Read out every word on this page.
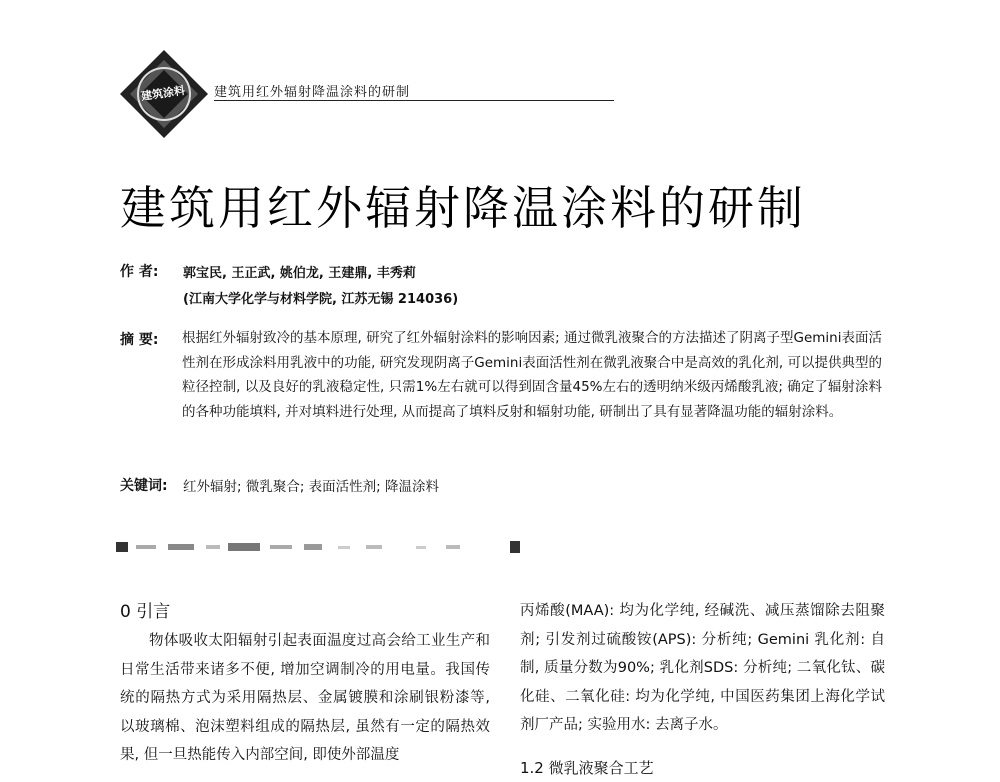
建筑涂料	建筑用红外辐射降温涂料的研制
建筑用红外辐射降温涂料的研制
作 者: 郭宝民, 王正武, 姚伯龙, 王建鼎, 丰秀莉
(江南大学化学与材料学院, 江苏无锡 214036)
摘 要: 根据红外辐射致冷的基本原理, 研究了红外辐射涂料的影响因素; 通过微乳液聚合的方法描述了阴离子型Gemini表面活性剂在形成涂料用乳液中的功能, 研究发现阴离子Gemini表面活性剂在微乳液聚合中是高效的乳化剂, 可以提供典型的粒径控制, 以及良好的乳液稳定性, 只需1%左右就可以得到固含量45%左右的透明纳米级丙烯酸乳液; 确定了辐射涂料的各种功能填料, 并对填料进行处理, 从而提高了填料反射和辐射功能, 研制出了具有显著降温功能的辐射涂料。
关键词: 红外辐射; 微乳聚合; 表面活性剂; 降温涂料
0 引言

物体吸收太阳辐射引起表面温度过高会给工业生产和日常生活带来诸多不便, 增加空调制冷的用电量。我国传统的隔热方式为采用隔热层、金属镀膜和涂刷银粉漆等, 以玻璃棉、泡沫塑料组成的隔热层, 虽然有一定的隔热效果, 但一旦热能传入内部空间, 即使外部温度

丙烯酸(MAA): 均为化学纯, 经碱洗、减压蒸馏除去阻聚剂; 引发剂过硫酸铵(APS): 分析纯; Gemini 乳化剂: 自制, 质量分数为90%; 乳化剂SDS: 分析纯; 二氧化钛、碳化硅、二氧化硅: 均为化学纯, 中国医药集团上海化学试剂厂产品; 实验用水: 去离子水。

1.2 微乳液聚合工艺
